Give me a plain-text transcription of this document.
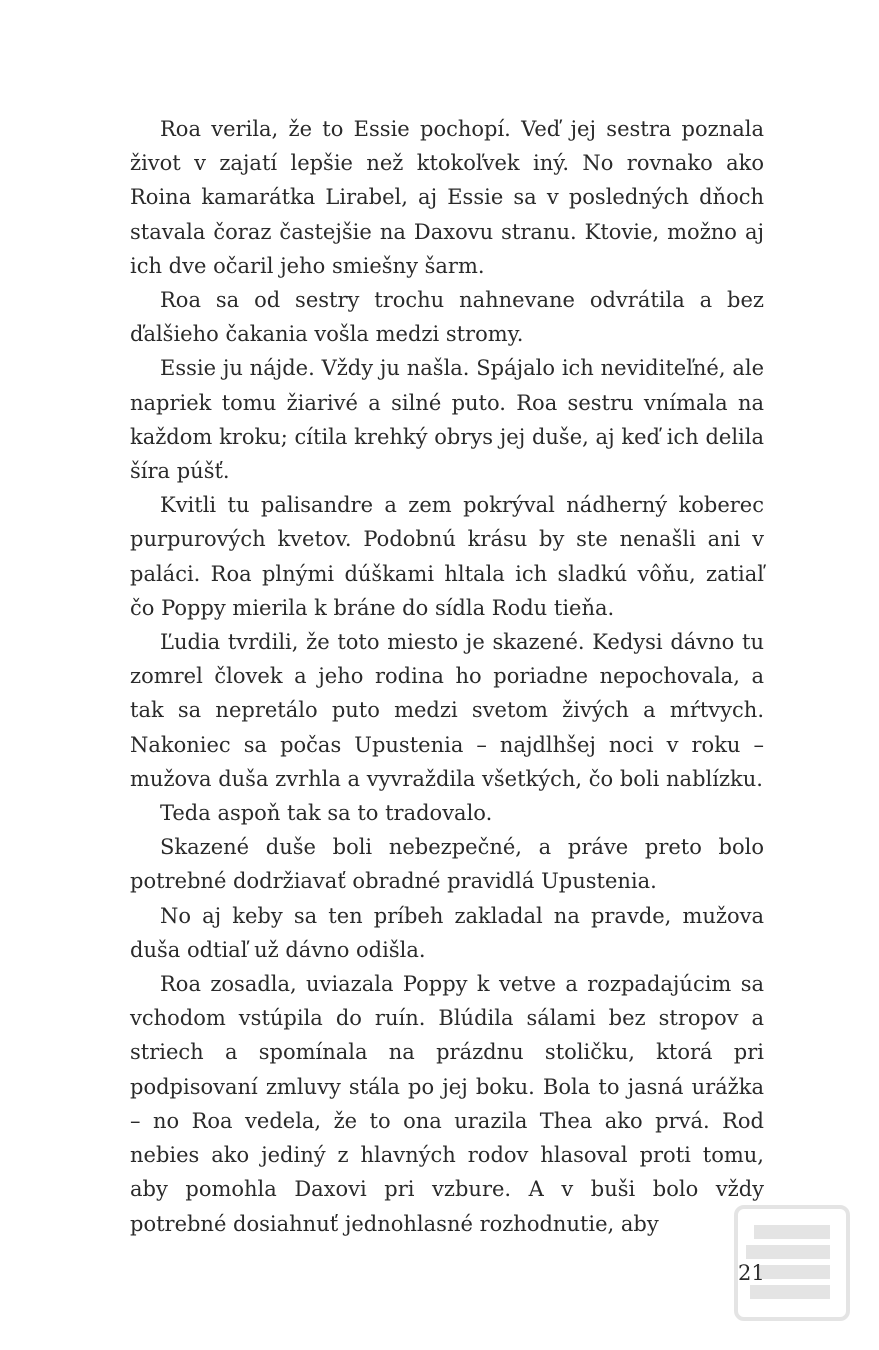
Roa verila, že to Essie pochopí. Veď jej sestra poznala život v zajatí lepšie než ktokoľvek iný. No rovnako ako Roina kamarátka Lirabel, aj Essie sa v posledných dňoch stavala čoraz častejšie na Daxovu stranu. Ktovie, možno aj ich dve očaril jeho smiešny šarm.

Roa sa od sestry trochu nahnevane odvrátila a bez ďalšieho čakania vošla medzi stromy.

Essie ju nájde. Vždy ju našla. Spájalo ich neviditeľné, ale napriek tomu žiarivé a silné puto. Roa sestru vnímala na každom kroku; cítila krehký obrys jej duše, aj keď ich delila šíra púšť.

Kvitli tu palisandre a zem pokrýval nádherný koberec purpurových kvetov. Podobnú krásu by ste nenašli ani v paláci. Roa plnými dúškami hltala ich sladkú vôňu, zatiaľ čo Poppy mierila k bráne do sídla Rodu tieňa.

Ľudia tvrdili, že toto miesto je skazené. Kedysi dávno tu zomrel človek a jeho rodina ho poriadne nepochovala, a tak sa nepretálo puto medzi svetom živých a mŕtvych. Nakoniec sa počas Upustenia – najdlhšej noci v roku – mužova duša zvrhla a vyvraždila všetkých, čo boli nablízku.

Teda aspoň tak sa to tradovalo.

Skazené duše boli nebezpečné, a práve preto bolo potrebné dodržiavať obradné pravidlá Upustenia.

No aj keby sa ten príbeh zakladal na pravde, mužova duša odtiaľ už dávno odišla.

Roa zosadla, uviazala Poppy k vetve a rozpadajúcim sa vchodom vstúpila do ruín. Blúdila sálami bez stropov a striech a spomínala na prázdnu stoličku, ktorá pri podpisovaní zmluvy stála po jej boku. Bola to jasná urážka – no Roa vedela, že to ona urazila Thea ako prvá. Rod nebies ako jediný z hlavných rodov hlasoval proti tomu, aby pomohla Daxovi pri vzbure. A v buši bolo vždy potrebné dosiahnuť jednohlasné rozhodnutie, aby

21
